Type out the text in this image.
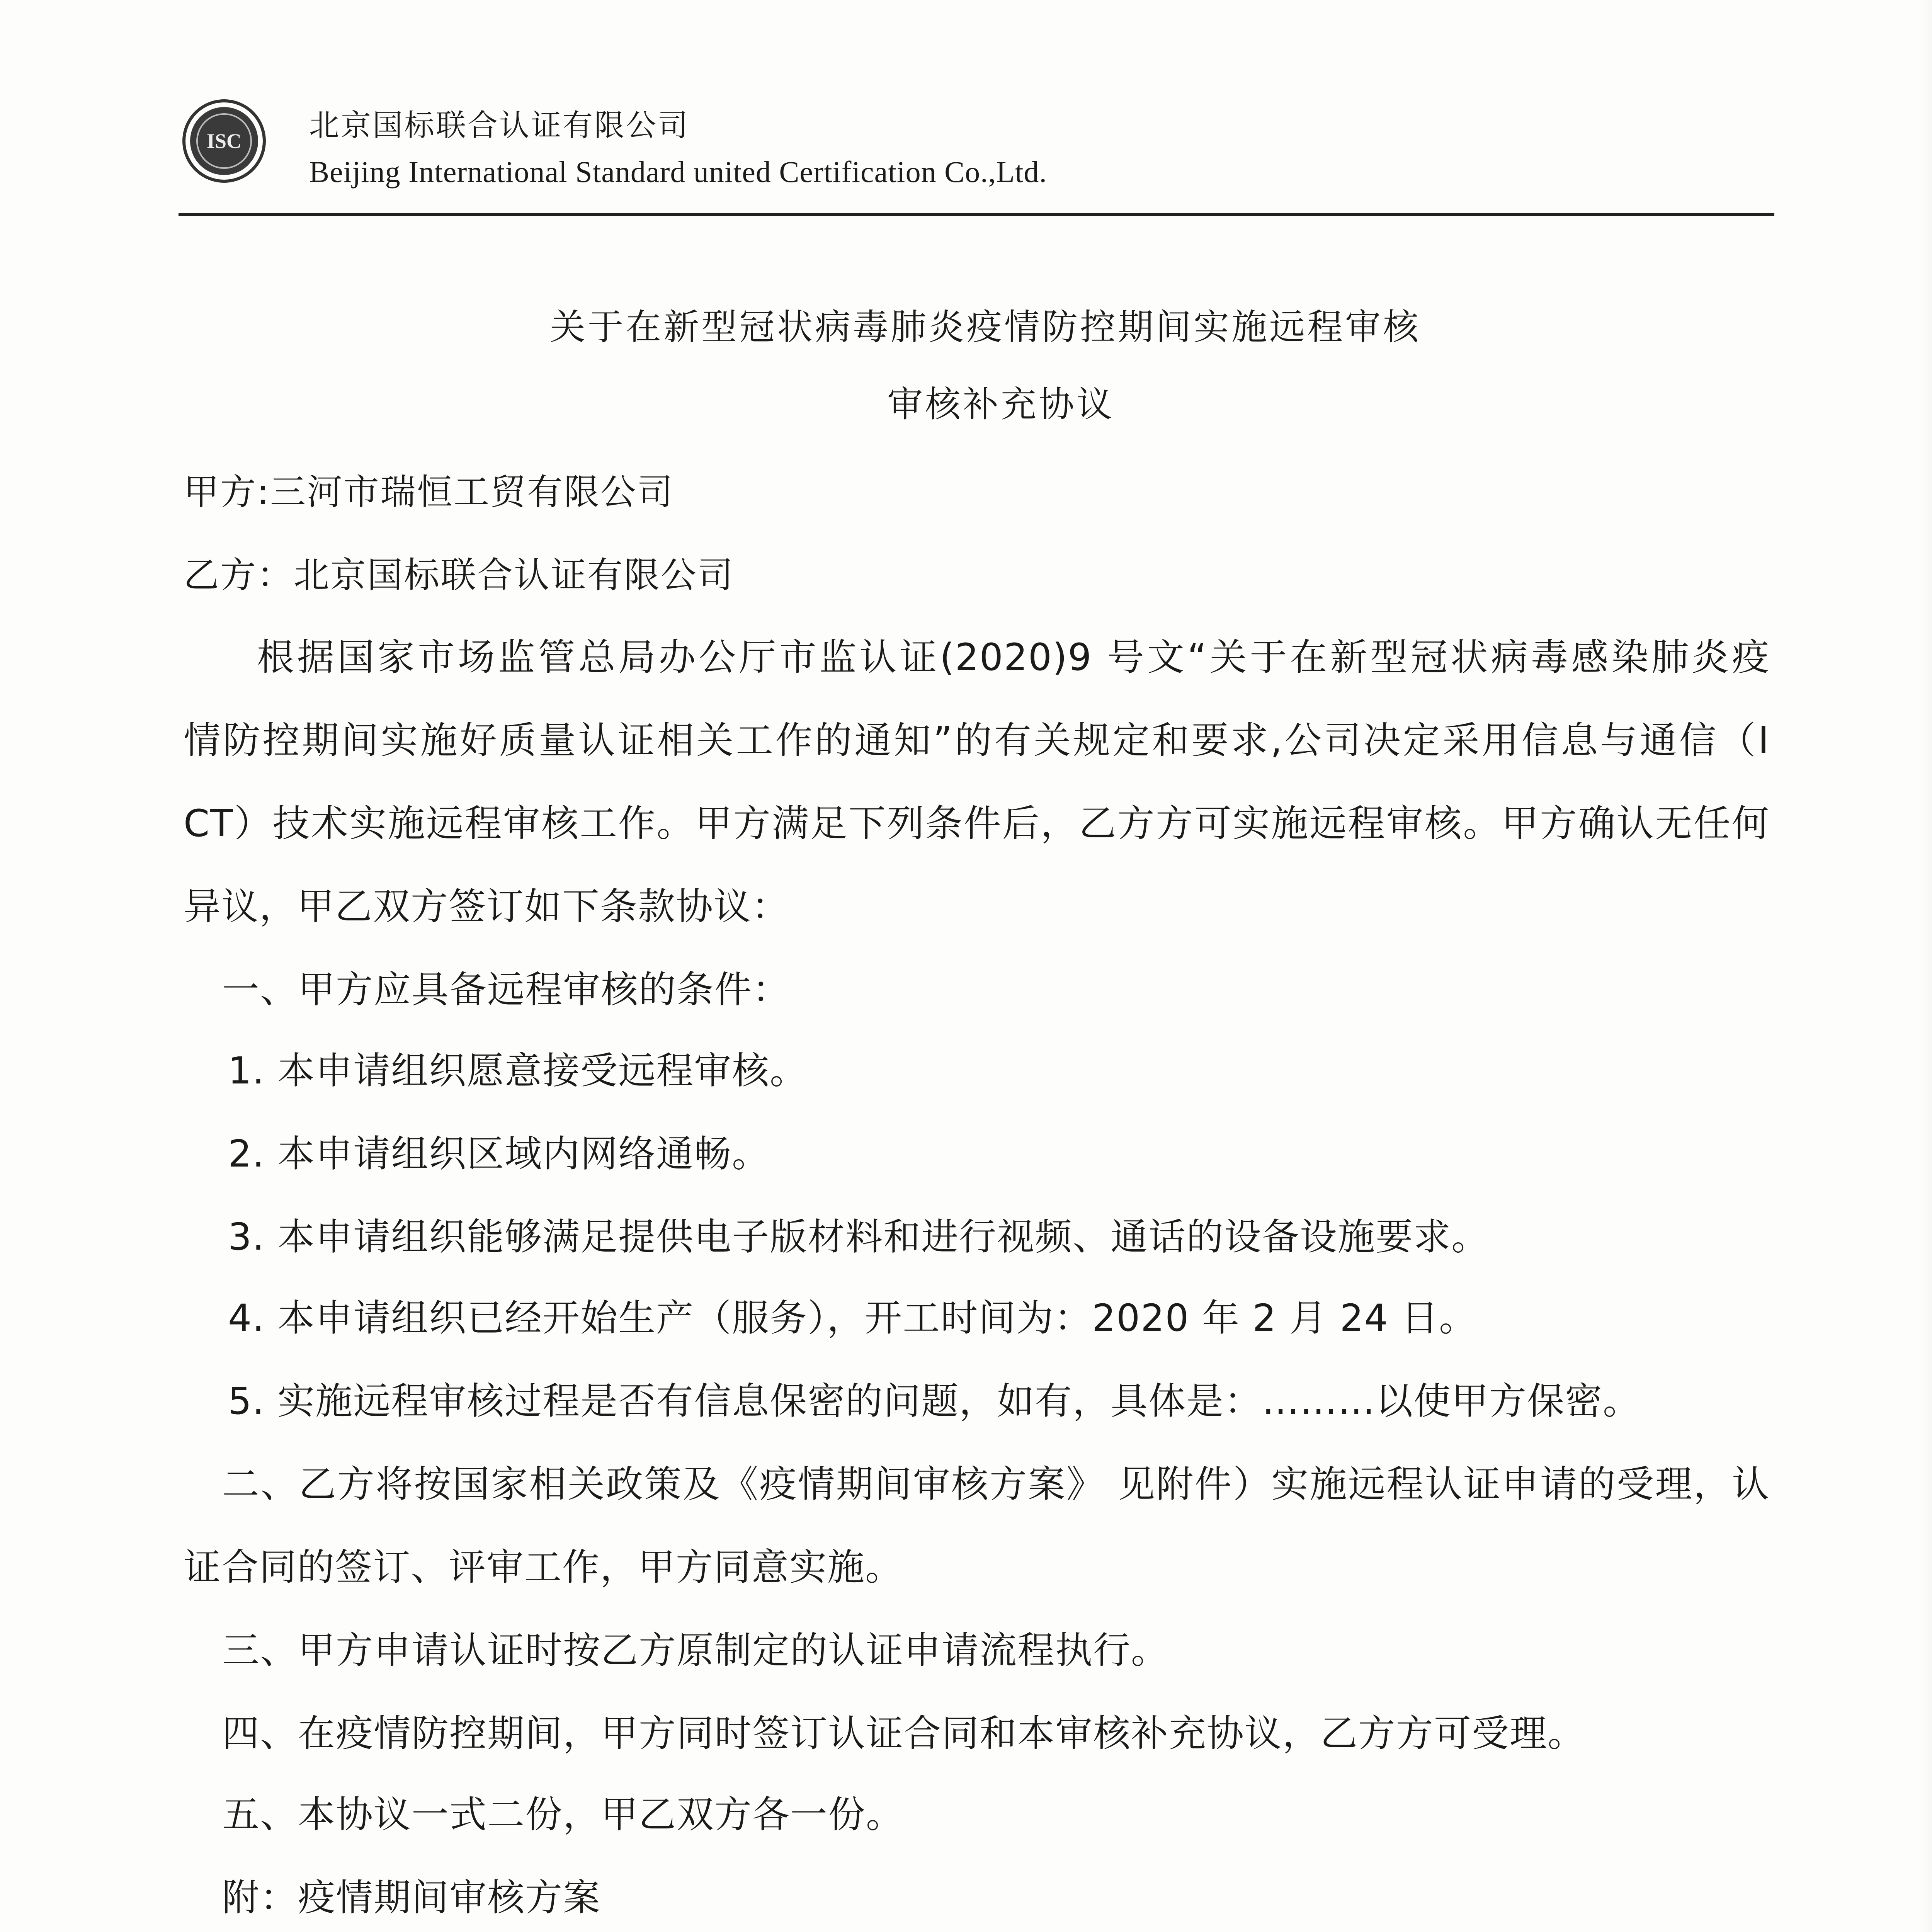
ISC 北京国标联合认证有限公司
Beijing International Standard united Certification Co.,Ltd.
关于在新型冠状病毒肺炎疫情防控期间实施远程审核
审核补充协议
甲方:三河市瑞恒工贸有限公司
乙方：北京国标联合认证有限公司
根据国家市场监管总局办公厅市监认证(2020)9 号文“关于在新型冠状病毒感染肺炎疫
情防控期间实施好质量认证相关工作的通知”的有关规定和要求,公司决定采用信息与通信（I
CT）技术实施远程审核工作。甲方满足下列条件后，乙方方可实施远程审核。甲方确认无任何
异议，甲乙双方签订如下条款协议：
一、甲方应具备远程审核的条件：
1. 本申请组织愿意接受远程审核。
2. 本申请组织区域内网络通畅。
3. 本申请组织能够满足提供电子版材料和进行视频、通话的设备设施要求。
4. 本申请组织已经开始生产（服务），开工时间为：2020 年 2 月 24 日。
5. 实施远程审核过程是否有信息保密的问题，如有，具体是：………以使甲方保密。
二、乙方将按国家相关政策及《疫情期间审核方案》 见附件）实施远程认证申请的受理，认
证合同的签订、评审工作，甲方同意实施。
三、甲方申请认证时按乙方原制定的认证申请流程执行。
四、在疫情防控期间，甲方同时签订认证合同和本审核补充协议，乙方方可受理。
五、本协议一式二份，甲乙双方各一份。
附：疫情期间审核方案
